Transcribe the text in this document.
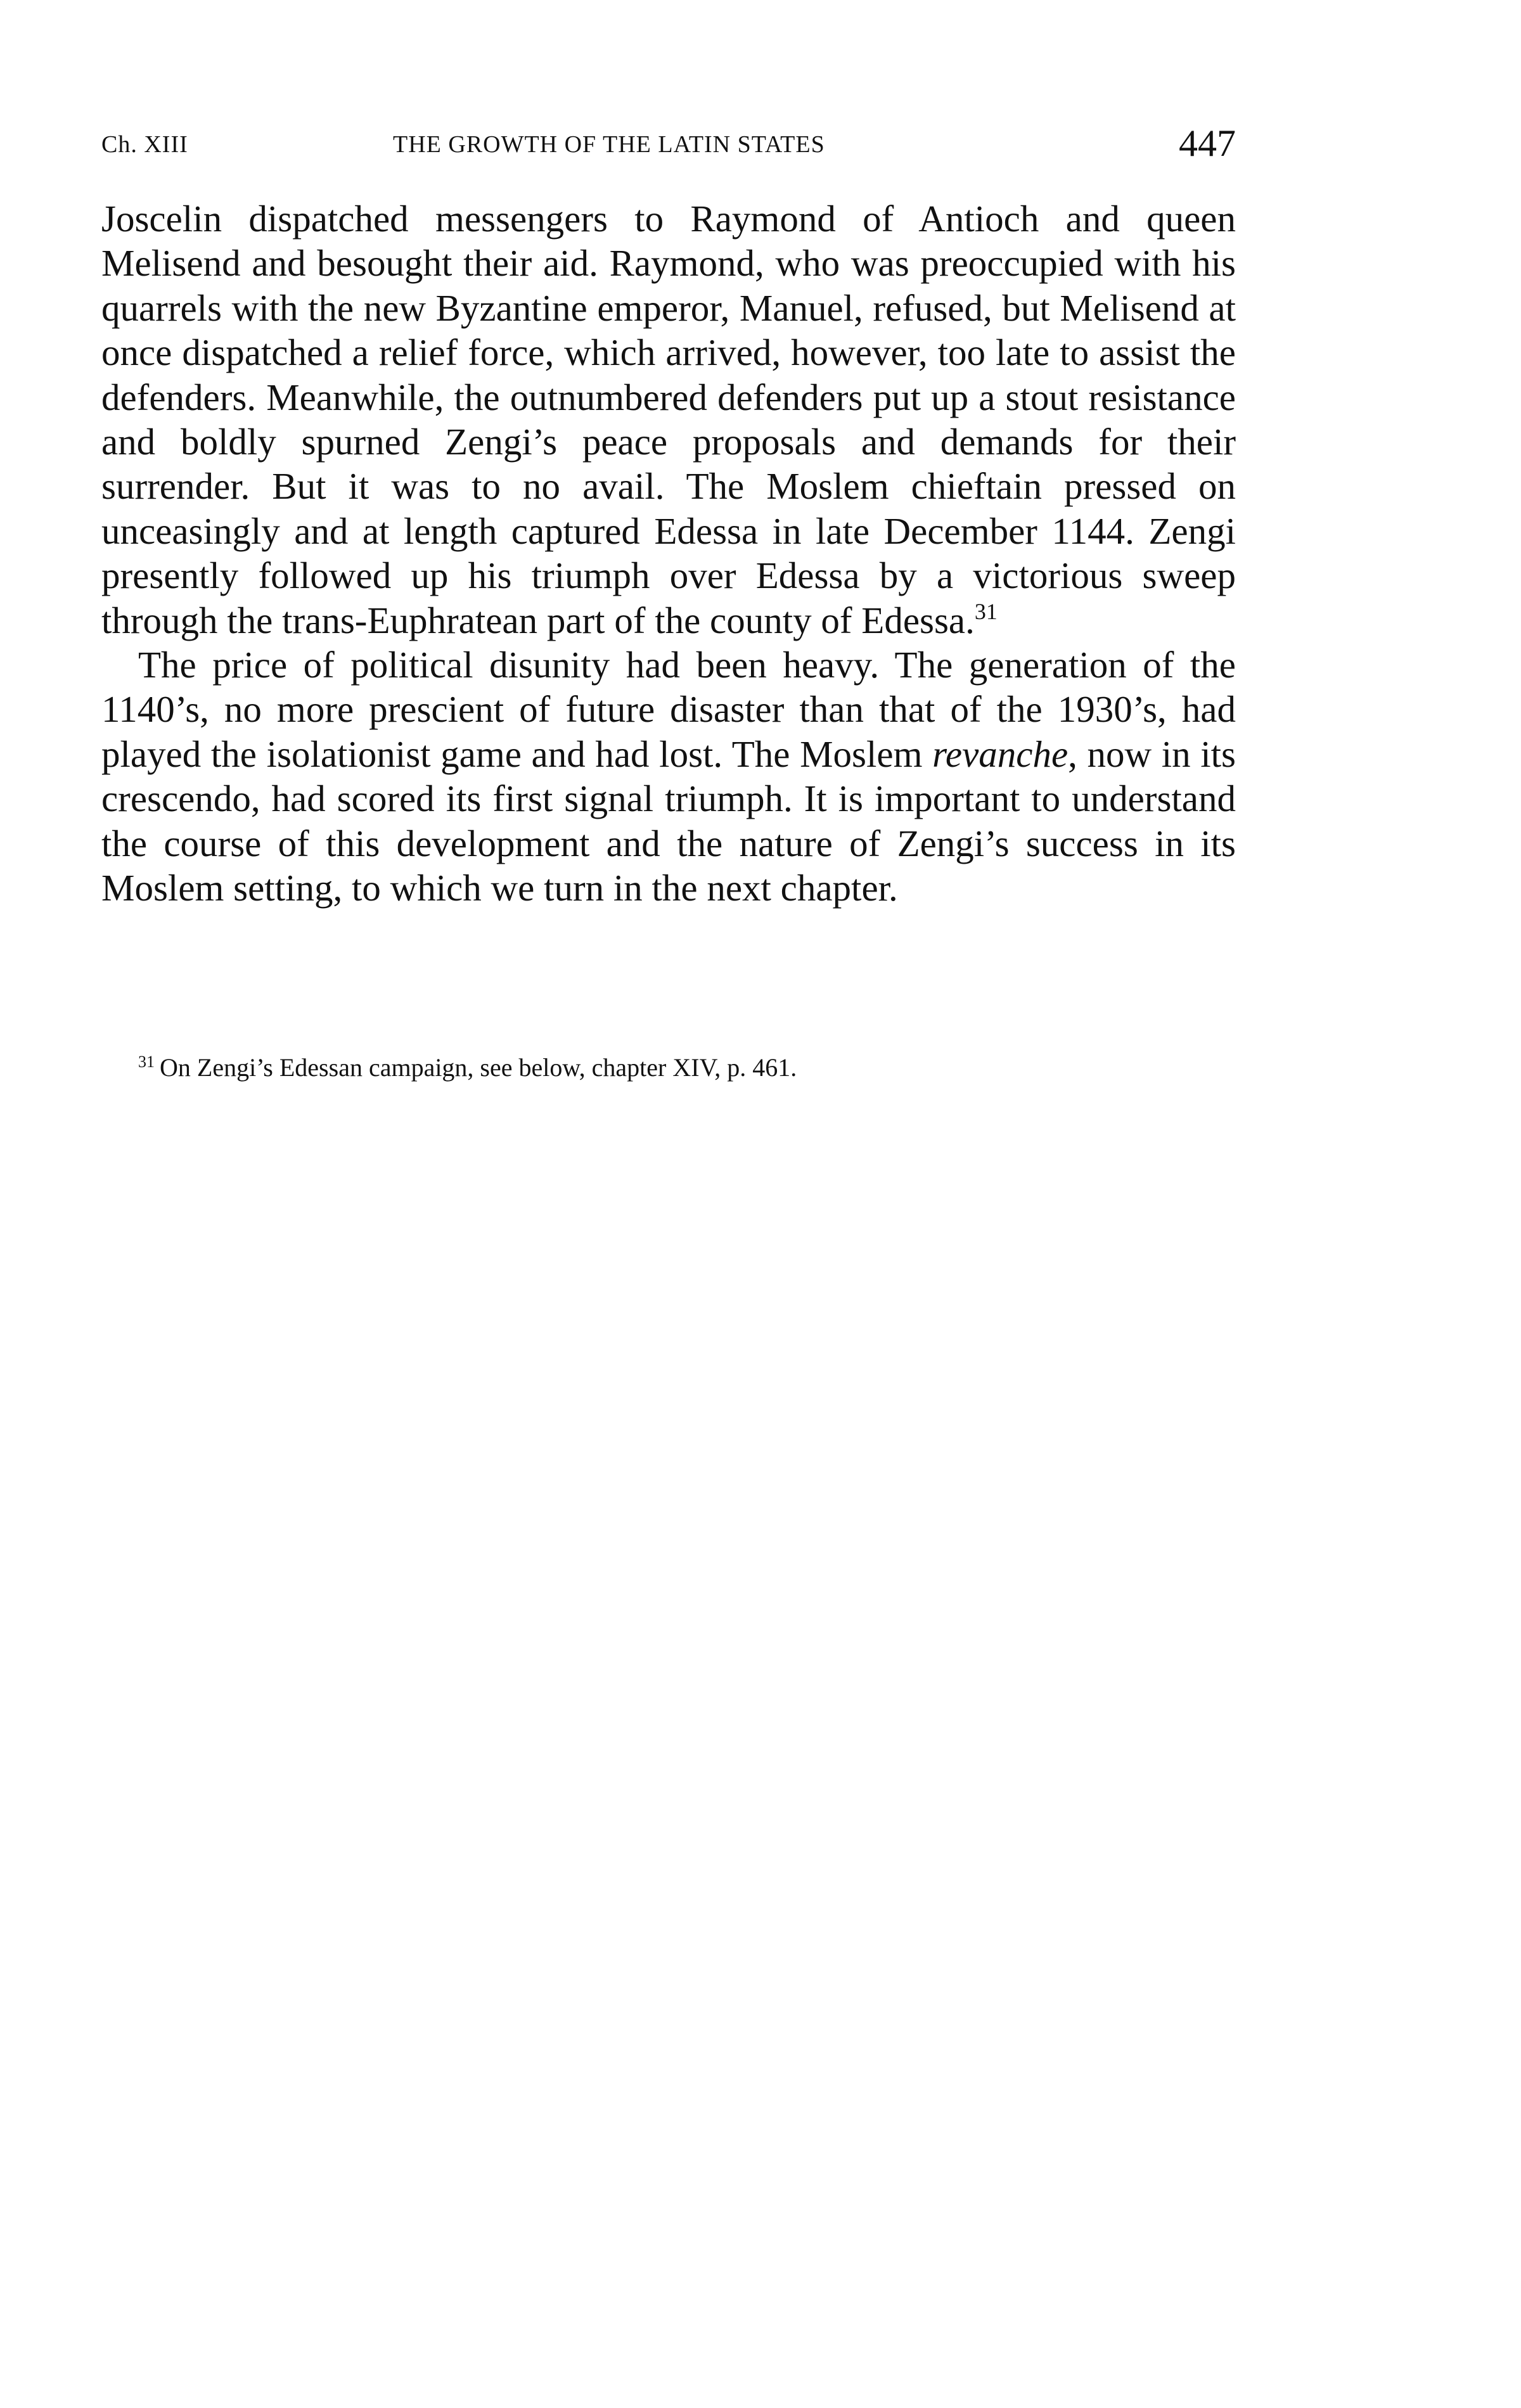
Ch. XIII	THE GROWTH OF THE LATIN STATES	447

Joscelin dispatched messengers to Raymond of Antioch and queen Melisend and besought their aid. Raymond, who was preoccupied with his quarrels with the new Byzantine emperor, Manuel, refused, but Melisend at once dispatched a relief force, which arrived, however, too late to assist the defenders. Meanwhile, the outnumbered defenders put up a stout resistance and boldly spurned Zengi’s peace proposals and demands for their surrender. But it was to no avail. The Moslem chieftain pressed on unceasingly and at length captured Edessa in late December 1144. Zengi presently followed up his triumph over Edessa by a victorious sweep through the trans-Euphratean part of the county of Edessa.$^{31}$

The price of political disunity had been heavy. The generation of the 1140’s, no more prescient of future disaster than that of the 1930’s, had played the isolationist game and had lost. The Moslem revanche, now in its crescendo, had scored its first signal triumph. It is important to understand the course of this development and the nature of Zengi’s success in its Moslem setting, to which we turn in the next chapter.

$^{31}$ On Zengi’s Edessan campaign, see below, chapter XIV, p. 461.
